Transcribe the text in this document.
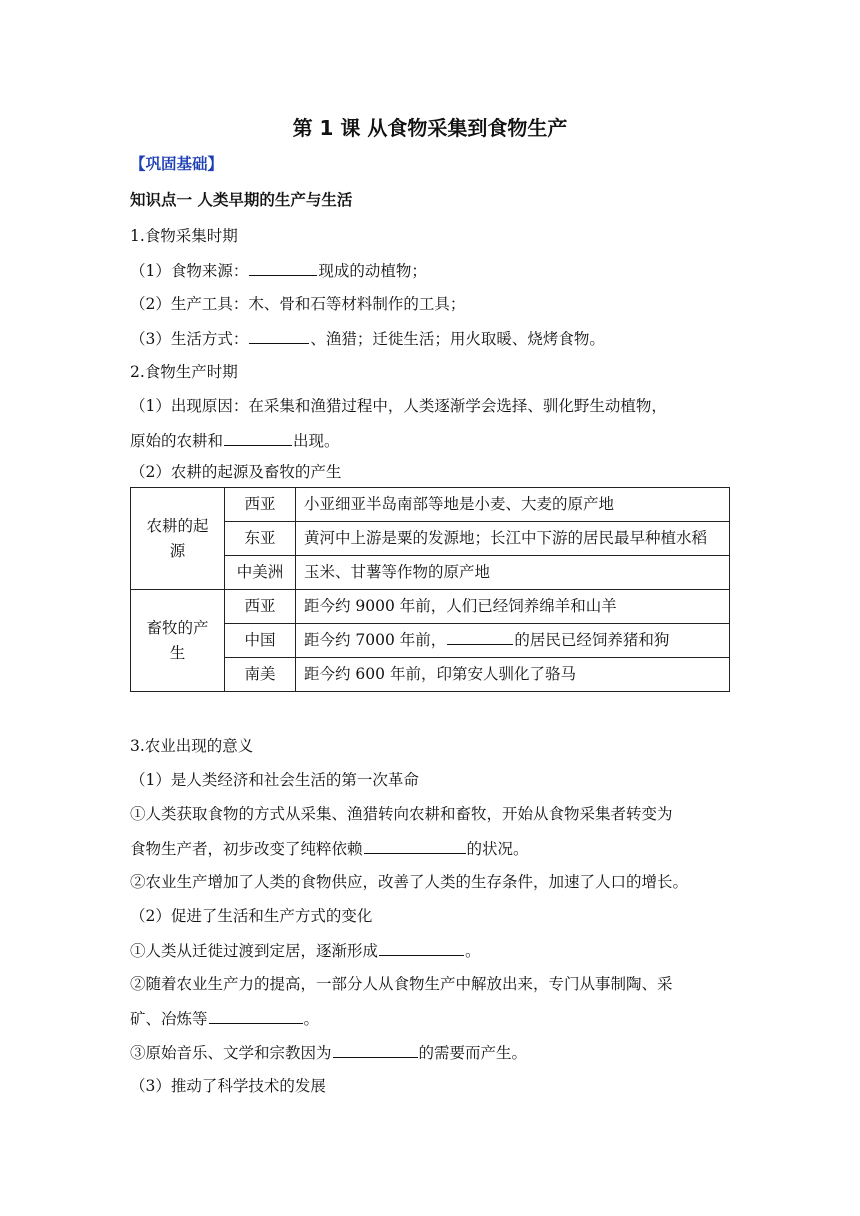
第 1 课 从食物采集到食物生产
【巩固基础】
知识点一 人类早期的生产与生活
1.食物采集时期
（1）食物来源：	现成的动植物；
（2）生产工具：木、骨和石等材料制作的工具；
（3）生活方式：	、渔猎；迁徙生活；用火取暖、烧烤食物。
2.食物生产时期
（1）出现原因：在采集和渔猎过程中，人类逐渐学会选择、驯化野生动植物，
原始的农耕和	出现。
（2）农耕的起源及畜牧的产生
农耕的起源	西亚	小亚细亚半岛南部等地是小麦、大麦的原产地
	东亚	黄河中上游是粟的发源地；长江中下游的居民最早种植水稻
	中美洲	玉米、甘薯等作物的原产地
畜牧的产生	西亚	距今约 9000 年前，人们已经饲养绵羊和山羊
	中国	距今约 7000 年前， 的居民已经饲养猪和狗
	南美	距今约 600 年前，印第安人驯化了骆马
3.农业出现的意义
（1）是人类经济和社会生活的第一次革命
①人类获取食物的方式从采集、渔猎转向农耕和畜牧，开始从食物采集者转变为
食物生产者，初步改变了纯粹依赖	的状况。
②农业生产增加了人类的食物供应，改善了人类的生存条件，加速了人口的增长。
（2）促进了生活和生产方式的变化
①人类从迁徙过渡到定居，逐渐形成	。
②随着农业生产力的提高，一部分人从食物生产中解放出来，专门从事制陶、采
矿、冶炼等	。
③原始音乐、文学和宗教因为	的需要而产生。
（3）推动了科学技术的发展
